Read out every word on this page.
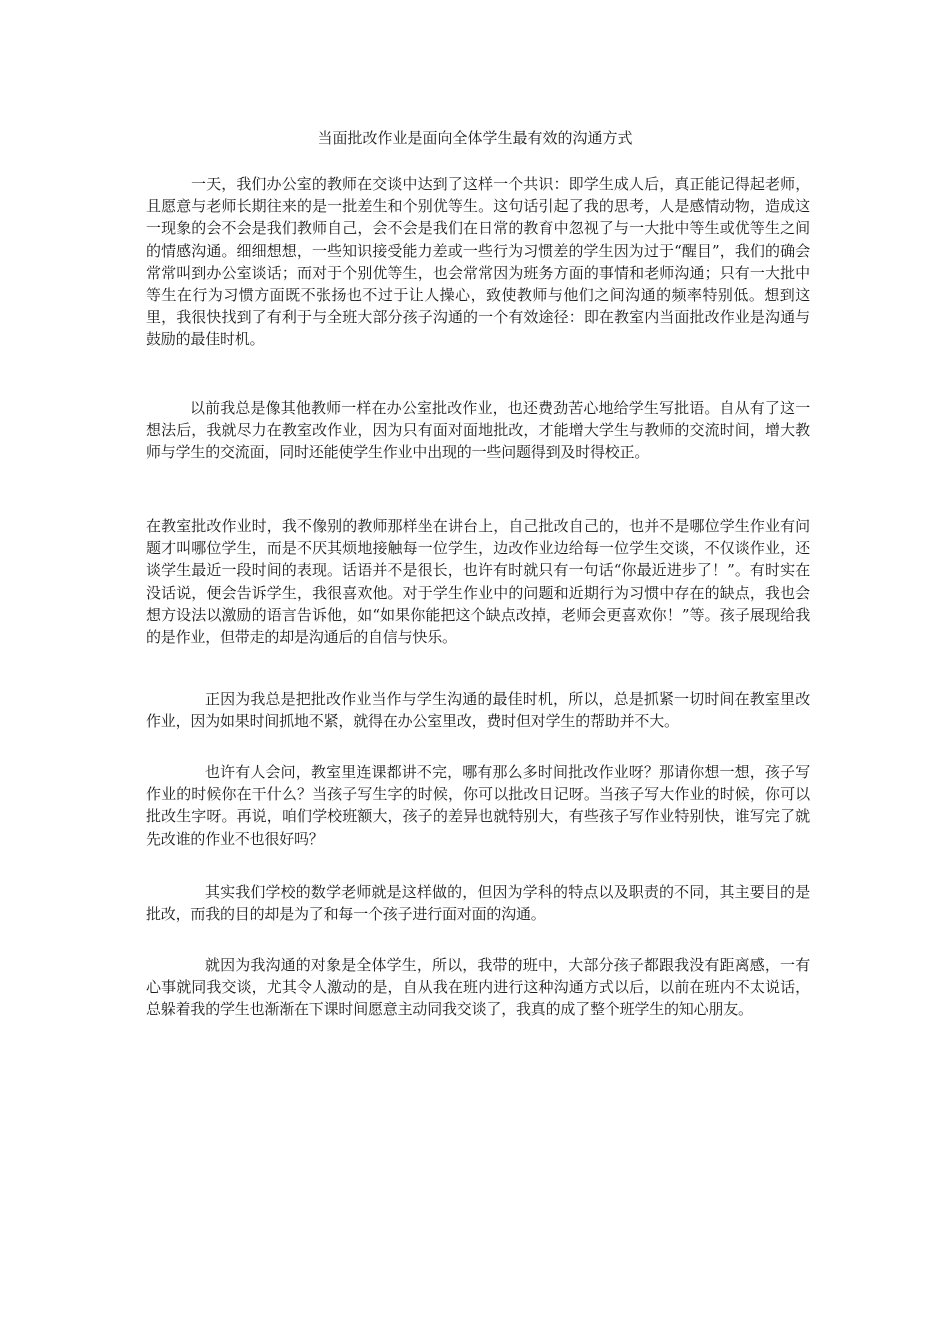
当面批改作业是面向全体学生最有效的沟通方式

一天，我们办公室的教师在交谈中达到了这样一个共识：即学生成人后，真正能记得起老师，且愿意与老师长期往来的是一批差生和个别优等生。这句话引起了我的思考，人是感情动物，造成这一现象的会不会是我们教师自己，会不会是我们在日常的教育中忽视了与一大批中等生或优等生之间的情感沟通。细细想想，一些知识接受能力差或一些行为习惯差的学生因为过于“醒目”，我们的确会常常叫到办公室谈话；而对于个别优等生，也会常常因为班务方面的事情和老师沟通；只有一大批中等生在行为习惯方面既不张扬也不过于让人操心，致使教师与他们之间沟通的频率特别低。想到这里，我很快找到了有利于与全班大部分孩子沟通的一个有效途径：即在教室内当面批改作业是沟通与鼓励的最佳时机。

以前我总是像其他教师一样在办公室批改作业，也还费劲苦心地给学生写批语。自从有了这一想法后，我就尽力在教室改作业，因为只有面对面地批改，才能增大学生与教师的交流时间，增大教师与学生的交流面，同时还能使学生作业中出现的一些问题得到及时得校正。

在教室批改作业时，我不像别的教师那样坐在讲台上，自己批改自己的，也并不是哪位学生作业有问题才叫哪位学生，而是不厌其烦地接触每一位学生，边改作业边给每一位学生交谈，不仅谈作业，还谈学生最近一段时间的表现。话语并不是很长，也许有时就只有一句话“你最近进步了！”。有时实在没话说，便会告诉学生，我很喜欢他。对于学生作业中的问题和近期行为习惯中存在的缺点，我也会想方设法以激励的语言告诉他，如“如果你能把这个缺点改掉，老师会更喜欢你！”等。孩子展现给我的是作业，但带走的却是沟通后的自信与快乐。

正因为我总是把批改作业当作与学生沟通的最佳时机，所以，总是抓紧一切时间在教室里改作业，因为如果时间抓地不紧，就得在办公室里改，费时但对学生的帮助并不大。

也许有人会问，教室里连课都讲不完，哪有那么多时间批改作业呀？那请你想一想，孩子写作业的时候你在干什么？当孩子写生字的时候，你可以批改日记呀。当孩子写大作业的时候，你可以批改生字呀。再说，咱们学校班额大，孩子的差异也就特别大，有些孩子写作业特别快，谁写完了就先改谁的作业不也很好吗？

其实我们学校的数学老师就是这样做的，但因为学科的特点以及职责的不同，其主要目的是批改，而我的目的却是为了和每一个孩子进行面对面的沟通。

就因为我沟通的对象是全体学生，所以，我带的班中，大部分孩子都跟我没有距离感，一有心事就同我交谈，尤其令人激动的是，自从我在班内进行这种沟通方式以后，以前在班内不太说话，总躲着我的学生也渐渐在下课时间愿意主动同我交谈了，我真的成了整个班学生的知心朋友。
